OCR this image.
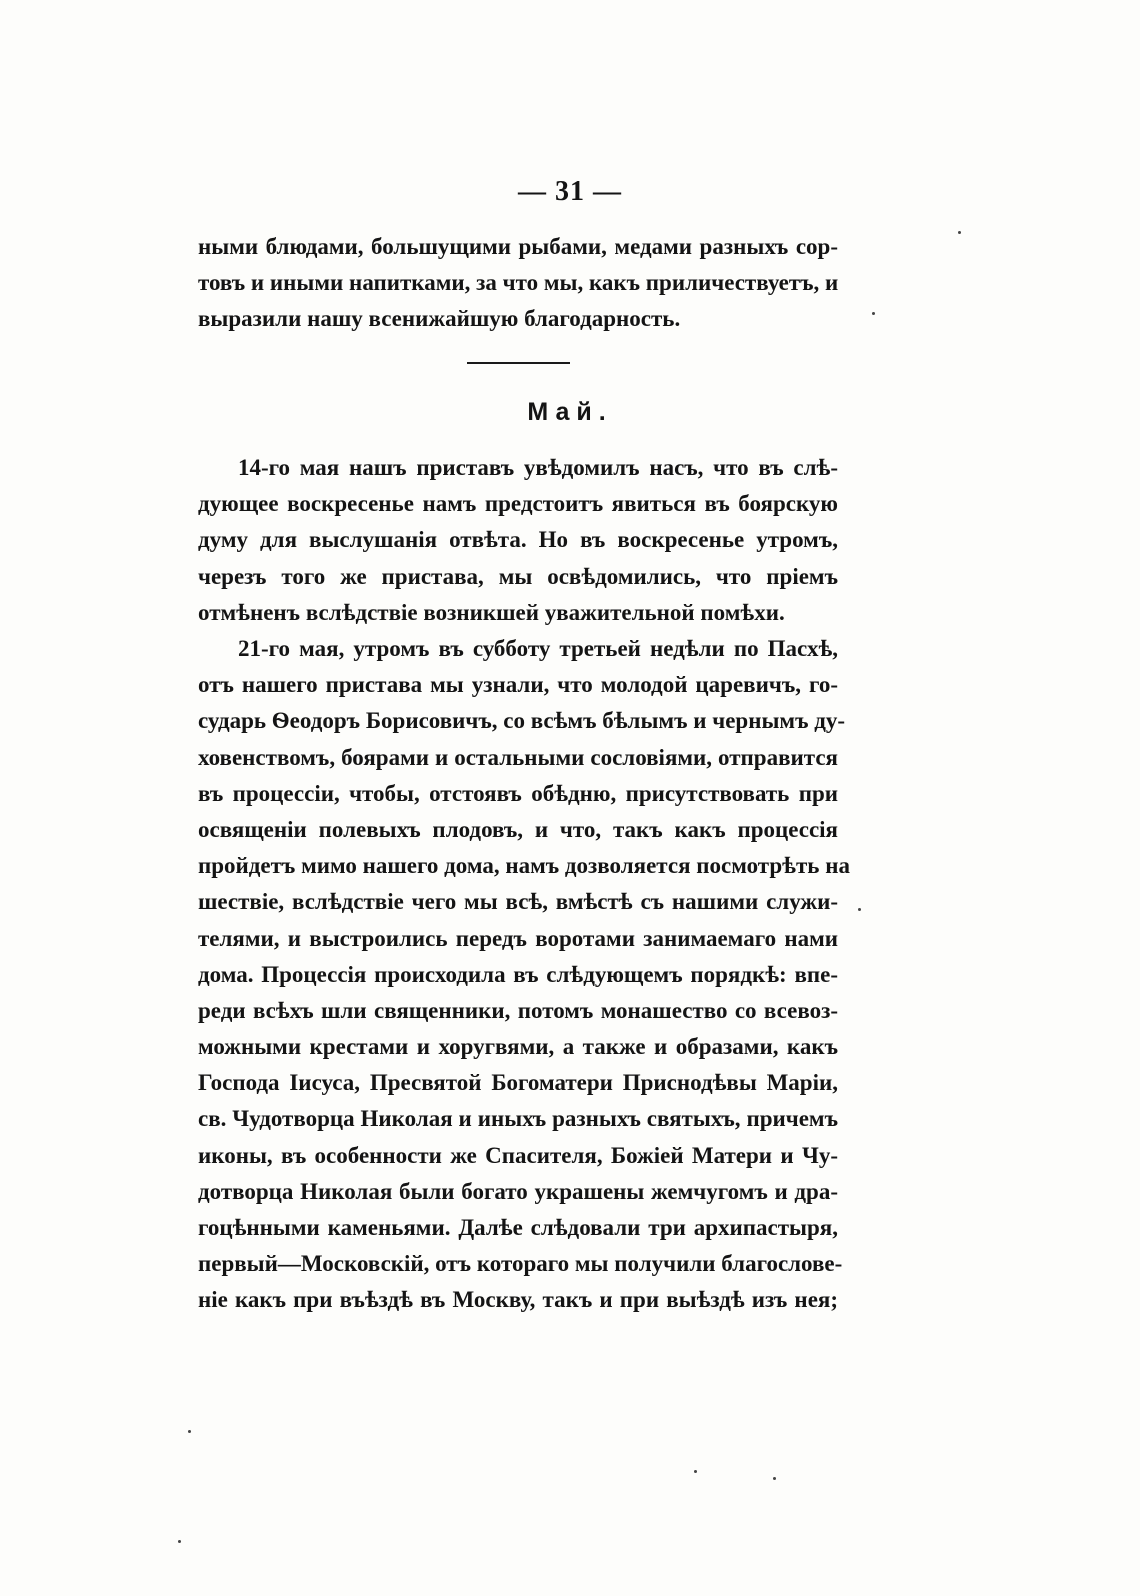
— 31 —

ными блюдами, большущими рыбами, медами разныхъ сор-
товъ и иными напитками, за что мы, какъ приличествуетъ, и
выразили нашу всенижайшую благодарность.
Май.
14-го мая нашъ приставъ увѣдомилъ насъ, что въ слѣ-
дующее воскресенье намъ предстоитъ явиться въ боярскую
думу для выслушанія отвѣта. Но въ воскресенье утромъ,
черезъ того же пристава, мы освѣдомились, что пріемъ
отмѣненъ вслѣдствіе возникшей уважительной помѣхи.
21-го мая, утромъ въ субботу третьей недѣли по Пасхѣ,
отъ нашего пристава мы узнали, что молодой царевичъ, го-
сударь Ѳеодоръ Борисовичъ, со всѣмъ бѣлымъ и чернымъ ду-
ховенствомъ, боярами и остальными сословіями, отправится
въ процессіи, чтобы, отстоявъ обѣдню, присутствовать при
освященіи полевыхъ плодовъ, и что, такъ какъ процессія
пройдетъ мимо нашего дома, намъ дозволяется посмотрѣть на
шествіе, вслѣдствіе чего мы всѣ, вмѣстѣ съ нашими служи-
телями, и выстроились передъ воротами занимаемаго нами
дома. Процессія происходила въ слѣдующемъ порядкѣ: впе-
реди всѣхъ шли священники, потомъ монашество со всевоз-
можными крестами и хоругвями, а также и образами, какъ
Господа Іисуса, Пресвятой Богоматери Приснодѣвы Маріи,
св. Чудотворца Николая и иныхъ разныхъ святыхъ, причемъ
иконы, въ особенности же Спасителя, Божіей Матери и Чу-
дотворца Николая были богато украшены жемчугомъ и дра-
гоцѣнными каменьями. Далѣе слѣдовали три архипастыря,
первый—Московскій, отъ котораго мы получили благослове-
ніе какъ при въѣздѣ въ Москву, такъ и при выѣздѣ изъ нея;
